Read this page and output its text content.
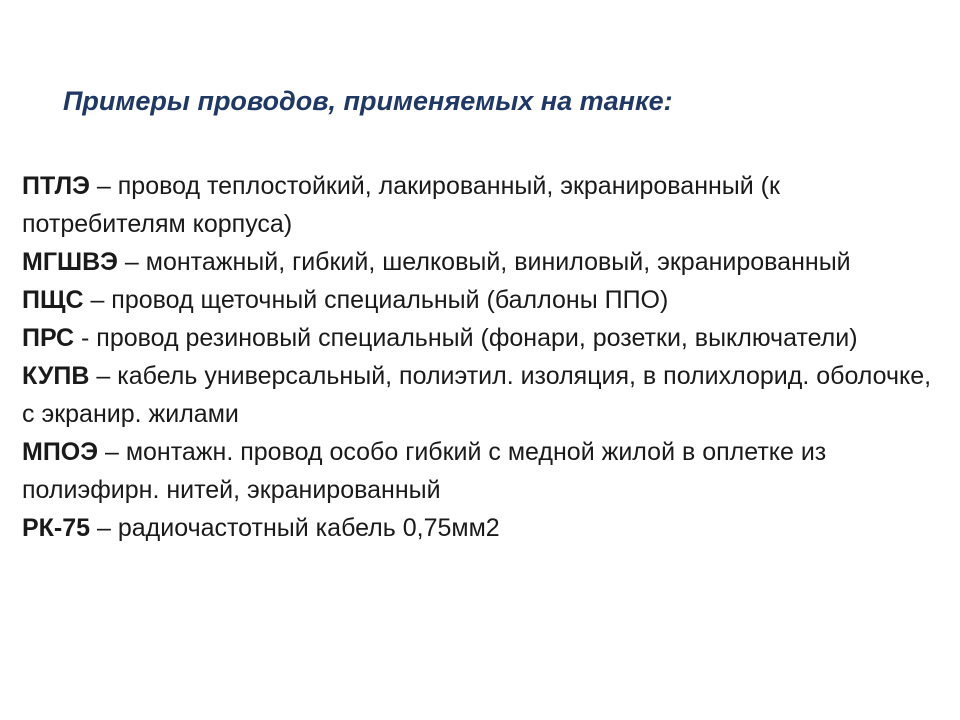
Примеры проводов, применяемых на танке:
ПТЛЭ – провод теплостойкий, лакированный, экранированный (к потребителям корпуса)
МГШВЭ – монтажный, гибкий, шелковый, виниловый, экранированный
ПЩС – провод щеточный специальный (баллоны ППО)
ПРС - провод резиновый специальный (фонари, розетки, выключатели)
КУПВ – кабель универсальный, полиэтил. изоляция, в полихлорид. оболочке, с экранир. жилами
МПОЭ – монтажн. провод особо гибкий с медной жилой в оплетке из полиэфирн. нитей, экранированный
РК-75 – радиочастотный кабель 0,75мм2
